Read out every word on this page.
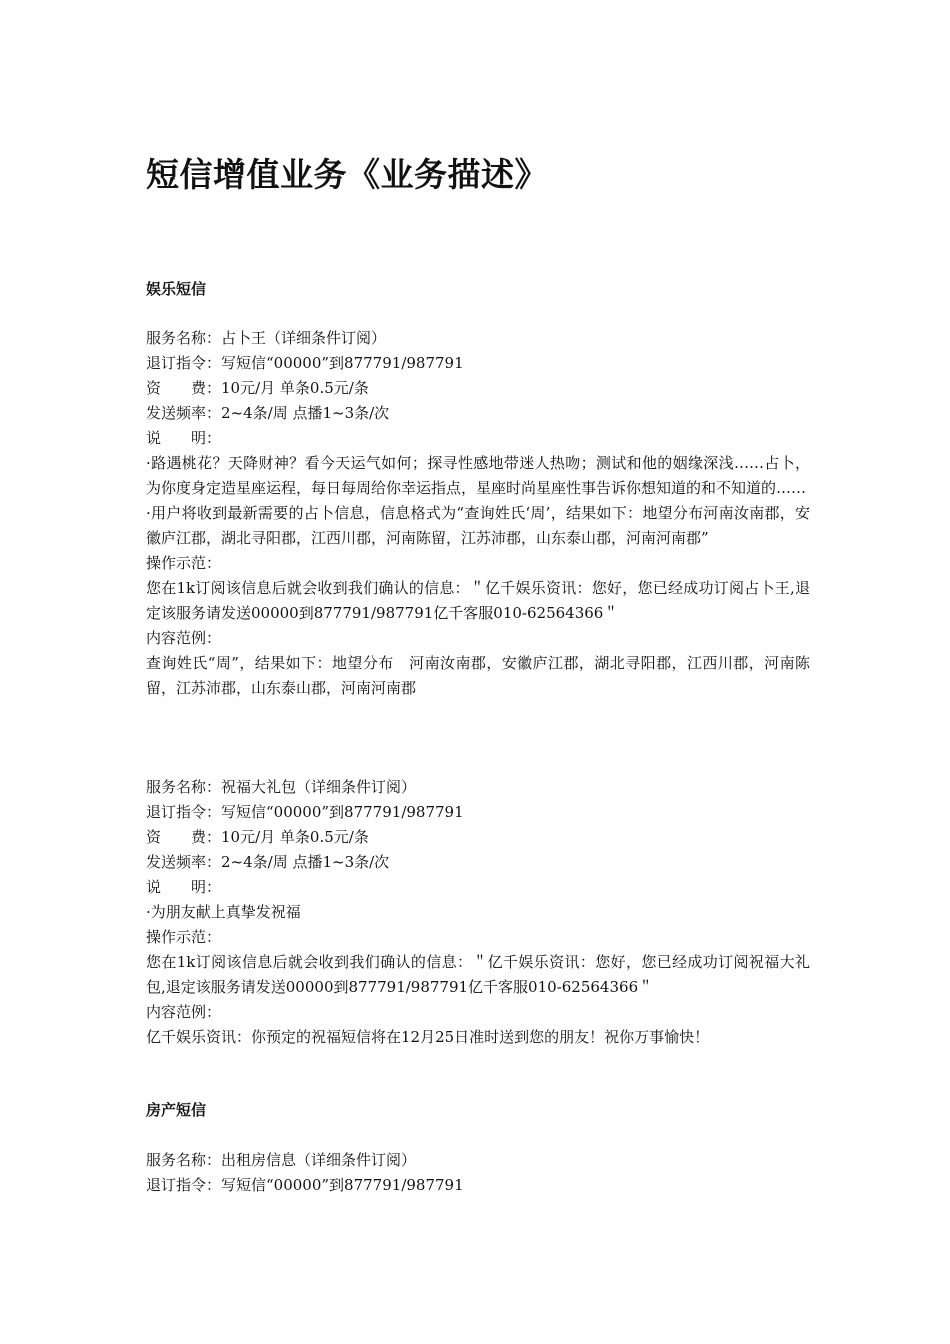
短信增值业务《业务描述》
娱乐短信
服务名称：占卜王（详细条件订阅）
退订指令：写短信“00000”到877791/987791
资　　费：10元/月 单条0.5元/条
发送频率：2~4条/周 点播1~3条/次
说　　明：
·路遇桃花？天降财神？看今天运气如何；探寻性感地带迷人热吻；测试和他的姻缘深浅……占卜，为你度身定造星座运程，每日每周给你幸运指点，星座时尚星座性事告诉你想知道的和不知道的……
·用户将收到最新需要的占卜信息，信息格式为“查询姓氏‘周’，结果如下：地望分布河南汝南郡，安徽庐江郡，湖北寻阳郡，江西川郡，河南陈留，江苏沛郡，山东泰山郡，河南河南郡”
操作示范：
您在1k订阅该信息后就会收到我们确认的信息：＂亿千娱乐资讯：您好，您已经成功订阅占卜王,退定该服务请发送00000到877791/987791亿千客服010-62564366＂
内容范例：
查询姓氏“周”，结果如下：地望分布　河南汝南郡，安徽庐江郡，湖北寻阳郡，江西川郡，河南陈留，江苏沛郡，山东泰山郡，河南河南郡
服务名称：祝福大礼包（详细条件订阅）
退订指令：写短信“00000”到877791/987791
资　　费：10元/月 单条0.5元/条
发送频率：2~4条/周 点播1~3条/次
说　　明：
·为朋友献上真挚发祝福
操作示范：
您在1k订阅该信息后就会收到我们确认的信息：＂亿千娱乐资讯：您好，您已经成功订阅祝福大礼包,退定该服务请发送00000到877791/987791亿千客服010-62564366＂
内容范例：
亿千娱乐资讯：你预定的祝福短信将在12月25日准时送到您的朋友！祝你万事愉快！
房产短信
服务名称：出租房信息（详细条件订阅）
退订指令：写短信“00000”到877791/987791
